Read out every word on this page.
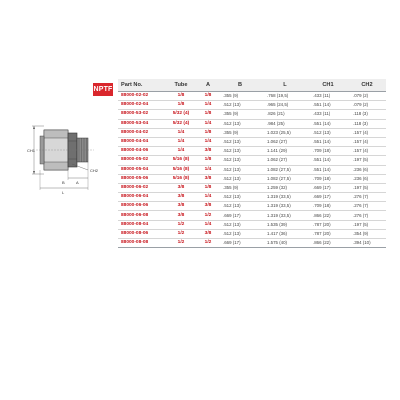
NPTF
CH1
CH2
A
B
L
Part No.	Tube	A	B	L	CH1	CH2
88000-02-02	1/8	1/8	.355 (9)	.768 (19,5)	.433 (11)	.079 (2)
88000-02-04	1/8	1/4	.512 (13)	.965 (24,5)	.551 (14)	.079 (2)
88000-53-02	5/32 (4)	1/8	.355 (9)	.826 (21)	.433 (11)	.118 (3)
88000-53-04	5/32 (4)	1/4	.512 (13)	.984 (25)	.551 (14)	.118 (3)
88000-04-02	1/4	1/8	.355 (9)	1.023 (25,5)	.512 (13)	.157 (4)
88000-04-04	1/4	1/4	.512 (13)	1.062 (27)	.551 (14)	.157 (4)
88000-04-06	1/4	3/8	.512 (13)	1.141 (29)	.709 (18)	.157 (4)
88000-05-02	5/16 (8)	1/8	.512 (13)	1.062 (27)	.551 (14)	.197 (5)
88000-05-04	5/16 (8)	1/4	.512 (13)	1.082 (27,5)	.551 (14)	.236 (6)
88000-05-06	5/16 (8)	3/8	.512 (13)	1.082 (27,5)	.709 (18)	.236 (6)
88000-06-02	3/8	1/8	.355 (9)	1.259 (32)	.669 (17)	.197 (5)
88000-06-04	3/8	1/4	.512 (13)	1.319 (33,5)	.669 (17)	.276 (7)
88000-06-06	3/8	3/8	.512 (13)	1.319 (33,5)	.709 (18)	.276 (7)
88000-06-08	3/8	1/2	.669 (17)	1.319 (33,5)	.866 (22)	.276 (7)
88000-08-04	1/2	1/4	.512 (13)	1.535 (39)	.787 (20)	.197 (5)
88000-08-06	1/2	3/8	.512 (13)	1.417 (36)	.787 (20)	.354 (9)
88000-08-08	1/2	1/2	.669 (17)	1.575 (40)	.866 (22)	.394 (10)
